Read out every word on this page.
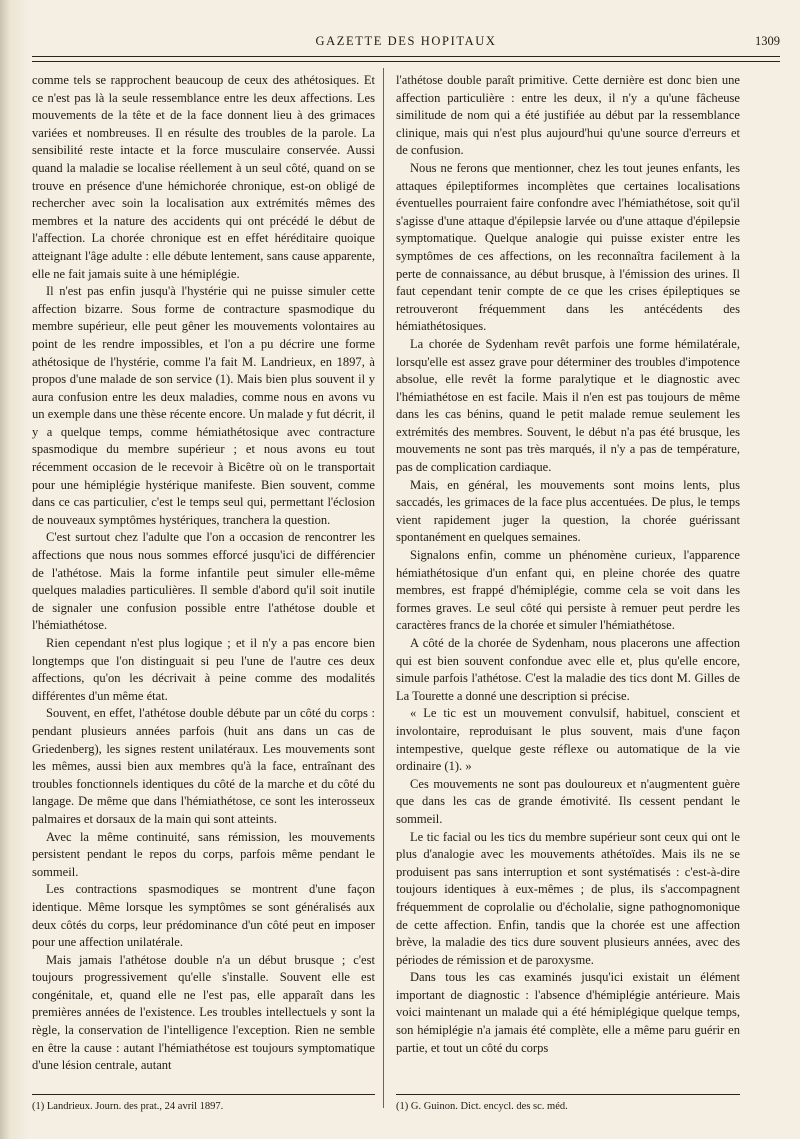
GAZETTE DES HOPITAUX	1309

comme tels se rapprochent beaucoup de ceux des athétosiques. Et ce n'est pas là la seule ressemblance entre les deux affections. Les mouvements de la tête et de la face donnent lieu à des grimaces variées et nombreuses. Il en résulte des troubles de la parole. La sensibilité reste intacte et la force musculaire conservée. Aussi quand la maladie se localise réellement à un seul côté, quand on se trouve en présence d'une hémichorée chronique, est-on obligé de rechercher avec soin la localisation aux extrémités mêmes des membres et la nature des accidents qui ont précédé le début de l'affection. La chorée chronique est en effet héréditaire quoique atteignant l'âge adulte : elle débute lentement, sans cause apparente, elle ne fait jamais suite à une hémiplégie.

Il n'est pas enfin jusqu'à l'hystérie qui ne puisse simuler cette affection bizarre. Sous forme de contracture spasmodique du membre supérieur, elle peut gêner les mouvements volontaires au point de les rendre impossibles, et l'on a pu décrire une forme athétosique de l'hystérie, comme l'a fait M. Landrieux, en 1897, à propos d'une malade de son service (1). Mais bien plus souvent il y aura confusion entre les deux maladies, comme nous en avons vu un exemple dans une thèse récente encore. Un malade y fut décrit, il y a quelque temps, comme hémiathétosique avec contracture spasmodique du membre supérieur ; et nous avons eu tout récemment occasion de le recevoir à Bicêtre où on le transportait pour une hémiplégie hystérique manifeste. Bien souvent, comme dans ce cas particulier, c'est le temps seul qui, permettant l'éclosion de nouveaux symptômes hystériques, tranchera la question.

C'est surtout chez l'adulte que l'on a occasion de rencontrer les affections que nous nous sommes efforcé jusqu'ici de différencier de l'athétose. Mais la forme infantile peut simuler elle-même quelques maladies particulières. Il semble d'abord qu'il soit inutile de signaler une confusion possible entre l'athétose double et l'hémiathétose.

Rien cependant n'est plus logique ; et il n'y a pas encore bien longtemps que l'on distinguait si peu l'une de l'autre ces deux affections, qu'on les décrivait à peine comme des modalités différentes d'un même état.

Souvent, en effet, l'athétose double débute par un côté du corps : pendant plusieurs années parfois (huit ans dans un cas de Griedenberg), les signes restent unilatéraux. Les mouvements sont les mêmes, aussi bien aux membres qu'à la face, entraînant des troubles fonctionnels identiques du côté de la marche et du côté du langage. De même que dans l'hémiathétose, ce sont les interosseux palmaires et dorsaux de la main qui sont atteints.

Avec la même continuité, sans rémission, les mouvements persistent pendant le repos du corps, parfois même pendant le sommeil.

Les contractions spasmodiques se montrent d'une façon identique. Même lorsque les symptômes se sont généralisés aux deux côtés du corps, leur prédominance d'un côté peut en imposer pour une affection unilatérale.

Mais jamais l'athétose double n'a un début brusque ; c'est toujours progressivement qu'elle s'installe. Souvent elle est congénitale, et, quand elle ne l'est pas, elle apparaît dans les premières années de l'existence. Les troubles intellectuels y sont la règle, la conservation de l'intelligence l'exception. Rien ne semble en être la cause : autant l'hémiathétose est toujours symptomatique d'une lésion centrale, autant

l'athétose double paraît primitive. Cette dernière est donc bien une affection particulière : entre les deux, il n'y a qu'une fâcheuse similitude de nom qui a été justifiée au début par la ressemblance clinique, mais qui n'est plus aujourd'hui qu'une source d'erreurs et de confusion.

Nous ne ferons que mentionner, chez les tout jeunes enfants, les attaques épileptiformes incomplètes que certaines localisations éventuelles pourraient faire confondre avec l'hémiathétose, soit qu'il s'agisse d'une attaque d'épilepsie larvée ou d'une attaque d'épilepsie symptomatique. Quelque analogie qui puisse exister entre les symptômes de ces affections, on les reconnaîtra facilement à la perte de connaissance, au début brusque, à l'émission des urines. Il faut cependant tenir compte de ce que les crises épileptiques se retrouveront fréquemment dans les antécédents des hémiathétosiques.

La chorée de Sydenham revêt parfois une forme hémilatérale, lorsqu'elle est assez grave pour déterminer des troubles d'impotence absolue, elle revêt la forme paralytique et le diagnostic avec l'hémiathétose en est facile. Mais il n'en est pas toujours de même dans les cas bénins, quand le petit malade remue seulement les extrémités des membres. Souvent, le début n'a pas été brusque, les mouvements ne sont pas très marqués, il n'y a pas de température, pas de complication cardiaque.

Mais, en général, les mouvements sont moins lents, plus saccadés, les grimaces de la face plus accentuées. De plus, le temps vient rapidement juger la question, la chorée guérissant spontanément en quelques semaines.

Signalons enfin, comme un phénomène curieux, l'apparence hémiathétosique d'un enfant qui, en pleine chorée des quatre membres, est frappé d'hémiplégie, comme cela se voit dans les formes graves. Le seul côté qui persiste à remuer peut perdre les caractères francs de la chorée et simuler l'hémiathétose.

A côté de la chorée de Sydenham, nous placerons une affection qui est bien souvent confondue avec elle et, plus qu'elle encore, simule parfois l'athétose. C'est la maladie des tics dont M. Gilles de La Tourette a donné une description si précise.

« Le tic est un mouvement convulsif, habituel, conscient et involontaire, reproduisant le plus souvent, mais d'une façon intempestive, quelque geste réflexe ou automatique de la vie ordinaire (1). »

Ces mouvements ne sont pas douloureux et n'augmentent guère que dans les cas de grande émotivité. Ils cessent pendant le sommeil.

Le tic facial ou les tics du membre supérieur sont ceux qui ont le plus d'analogie avec les mouvements athétoïdes. Mais ils ne se produisent pas sans interruption et sont systématisés : c'est-à-dire toujours identiques à eux-mêmes ; de plus, ils s'accompagnent fréquemment de coprolalie ou d'écholalie, signe pathognomonique de cette affection. Enfin, tandis que la chorée est une affection brève, la maladie des tics dure souvent plusieurs années, avec des périodes de rémission et de paroxysme.

Dans tous les cas examinés jusqu'ici existait un élément important de diagnostic : l'absence d'hémiplégie antérieure. Mais voici maintenant un malade qui a été hémiplégique quelque temps, son hémiplégie n'a jamais été complète, elle a même paru guérir en partie, et tout un côté du corps

(1) Landrieux. Journ. des prat., 24 avril 1897.	(1) G. Guinon. Dict. encycl. des sc. méd.
